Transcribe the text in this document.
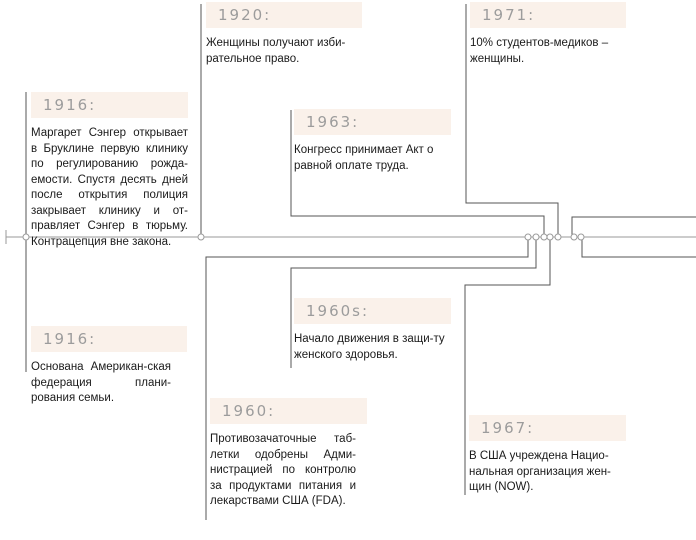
1916:
Маргарет Сэнгер открывает в Бруклине первую клинику по регулированию рожда-емости. Спустя десять дней после открытия полиция закрывает клинику и от-правляет Сэнгер в тюрьму. Контрацепция вне закона.
1916:
Основана Американ-ская федерация плани-рования семьи.
1920:
Женщины получают изби-рательное право.
1960:
Противозачаточные таб-летки одобрены Адми-нистрацией по контролю за продуктами питания и лекарствами США (FDA).
1960s:
Начало движения в защи-ту женского здоровья.
1963:
Конгресс принимает Акт о равной оплате труда.
1967:
В США учреждена Нацио-нальная организация жен-щин (NOW).
1971:
10% студентов-медиков – женщины.
